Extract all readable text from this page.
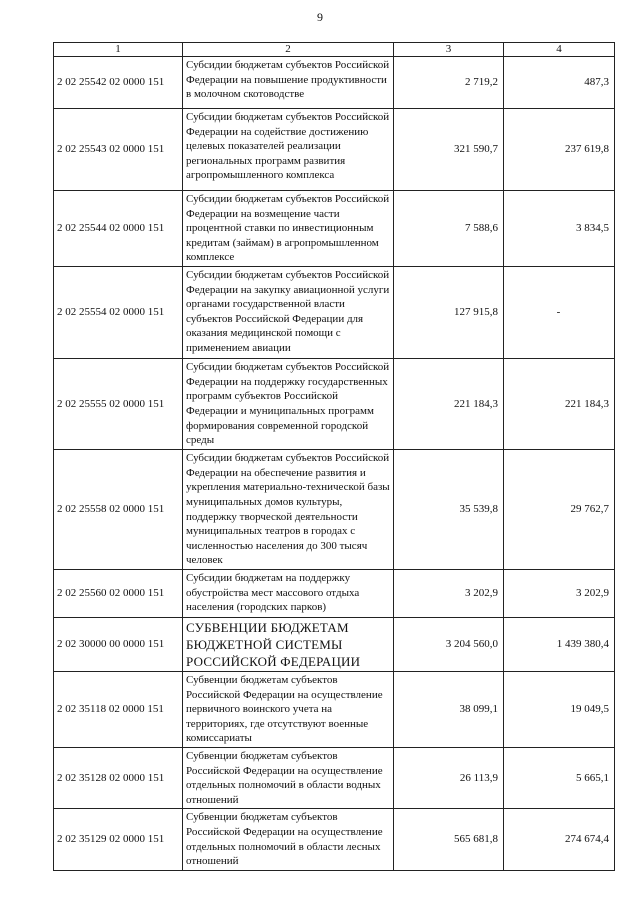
9
1	2	3	4
2 02 25542 02 0000 151	Субсидии бюджетам субъектов Российской Федерации на повышение продуктивности в молочном скотоводстве	2 719,2	487,3
2 02 25543 02 0000 151	Субсидии бюджетам субъектов Российской Федерации на содействие достижению целевых показателей реализации региональных программ развития агропромышленного комплекса	321 590,7	237 619,8
2 02 25544 02 0000 151	Субсидии бюджетам субъектов Российской Федерации на возмещение части процентной ставки по инвестиционным кредитам (займам) в агропромышленном комплексе	7 588,6	3 834,5
2 02 25554 02 0000 151	Субсидии бюджетам субъектов Российской Федерации на закупку авиационной услуги органами государственной власти субъектов Российской Федерации для оказания медицинской помощи с применением авиации	127 915,8	-
2 02 25555 02 0000 151	Субсидии бюджетам субъектов Российской Федерации на поддержку государственных программ субъектов Российской Федерации и муниципальных программ формирования современной городской среды	221 184,3	221 184,3
2 02 25558 02 0000 151	Субсидии бюджетам субъектов Российской Федерации на обеспечение развития и укрепления материально-технической базы муниципальных домов культуры, поддержку творческой деятельности муниципальных театров в городах с численностью населения до 300 тысяч человек	35 539,8	29 762,7
2 02 25560 02 0000 151	Субсидии бюджетам на поддержку обустройства мест массового отдыха населения (городских парков)	3 202,9	3 202,9
2 02 30000 00 0000 151	СУБВЕНЦИИ БЮДЖЕТАМ БЮДЖЕТНОЙ СИСТЕМЫ РОССИЙСКОЙ ФЕДЕРАЦИИ	3 204 560,0	1 439 380,4
2 02 35118 02 0000 151	Субвенции бюджетам субъектов Российской Федерации на осуществление первичного воинского учета на территориях, где отсутствуют военные комиссариаты	38 099,1	19 049,5
2 02 35128 02 0000 151	Субвенции бюджетам субъектов Российской Федерации на осуществление отдельных полномочий в области водных отношений	26 113,9	5 665,1
2 02 35129 02 0000 151	Субвенции бюджетам субъектов Российской Федерации на осуществление отдельных полномочий в области лесных отношений	565 681,8	274 674,4
